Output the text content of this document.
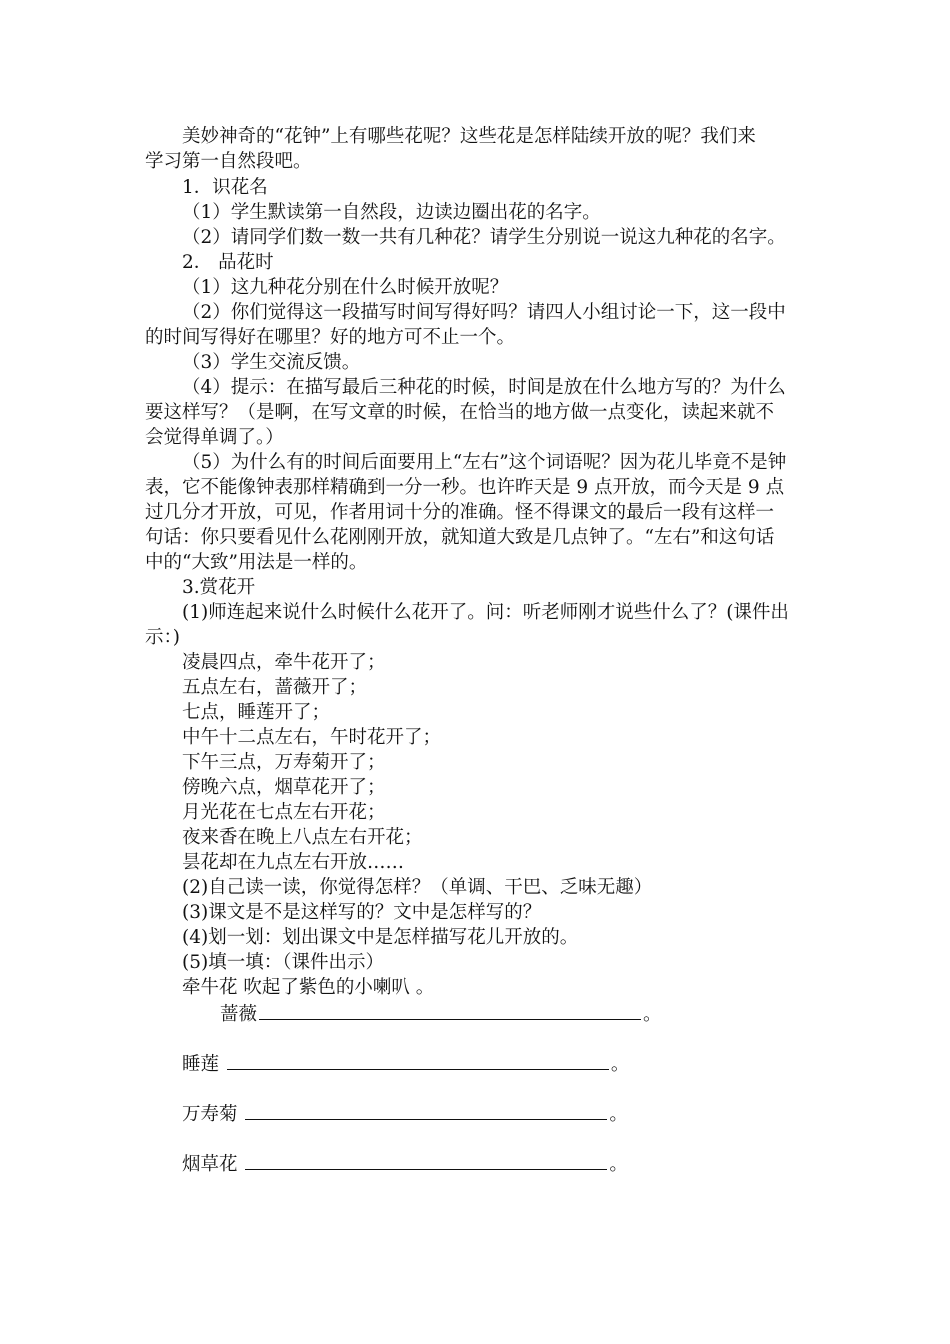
美妙神奇的“花钟”上有哪些花呢？这些花是怎样陆续开放的呢？我们来
学习第一自然段吧。
1．识花名
（1）学生默读第一自然段，边读边圈出花的名字。
（2）请同学们数一数一共有几种花？请学生分别说一说这九种花的名字。
2． 品花时
（1）这九种花分别在什么时候开放呢？
（2）你们觉得这一段描写时间写得好吗？请四人小组讨论一下，这一段中
的时间写得好在哪里？好的地方可不止一个。
（3）学生交流反馈。
（4）提示：在描写最后三种花的时候，时间是放在什么地方写的？为什么
要这样写？（是啊，在写文章的时候，在恰当的地方做一点变化，读起来就不
会觉得单调了。）
（5）为什么有的时间后面要用上“左右”这个词语呢？因为花儿毕竟不是钟
表，它不能像钟表那样精确到一分一秒。也许昨天是 9 点开放，而今天是 9 点
过几分才开放，可见，作者用词十分的准确。怪不得课文的最后一段有这样一
句话：你只要看见什么花刚刚开放，就知道大致是几点钟了。“左右”和这句话
中的“大致”用法是一样的。
3.赏花开
(1)师连起来说什么时候什么花开了。问：听老师刚才说些什么了？(课件出
示：)
凌晨四点，牵牛花开了；
五点左右，蔷薇开了；
七点，睡莲开了；
中午十二点左右，午时花开了；
下午三点，万寿菊开了；
傍晚六点，烟草花开了；
月光花在七点左右开花；
夜来香在晚上八点左右开花；
昙花却在九点左右开放……
(2)自己读一读，你觉得怎样？（单调、干巴、乏味无趣）
(3)课文是不是这样写的？文中是怎样写的？
(4)划一划：划出课文中是怎样描写花儿开放的。
(5)填一填：（课件出示）
牵牛花 吹起了紫色的小喇叭 。
蔷薇	。
睡莲	。
万寿菊	。
烟草花	。
